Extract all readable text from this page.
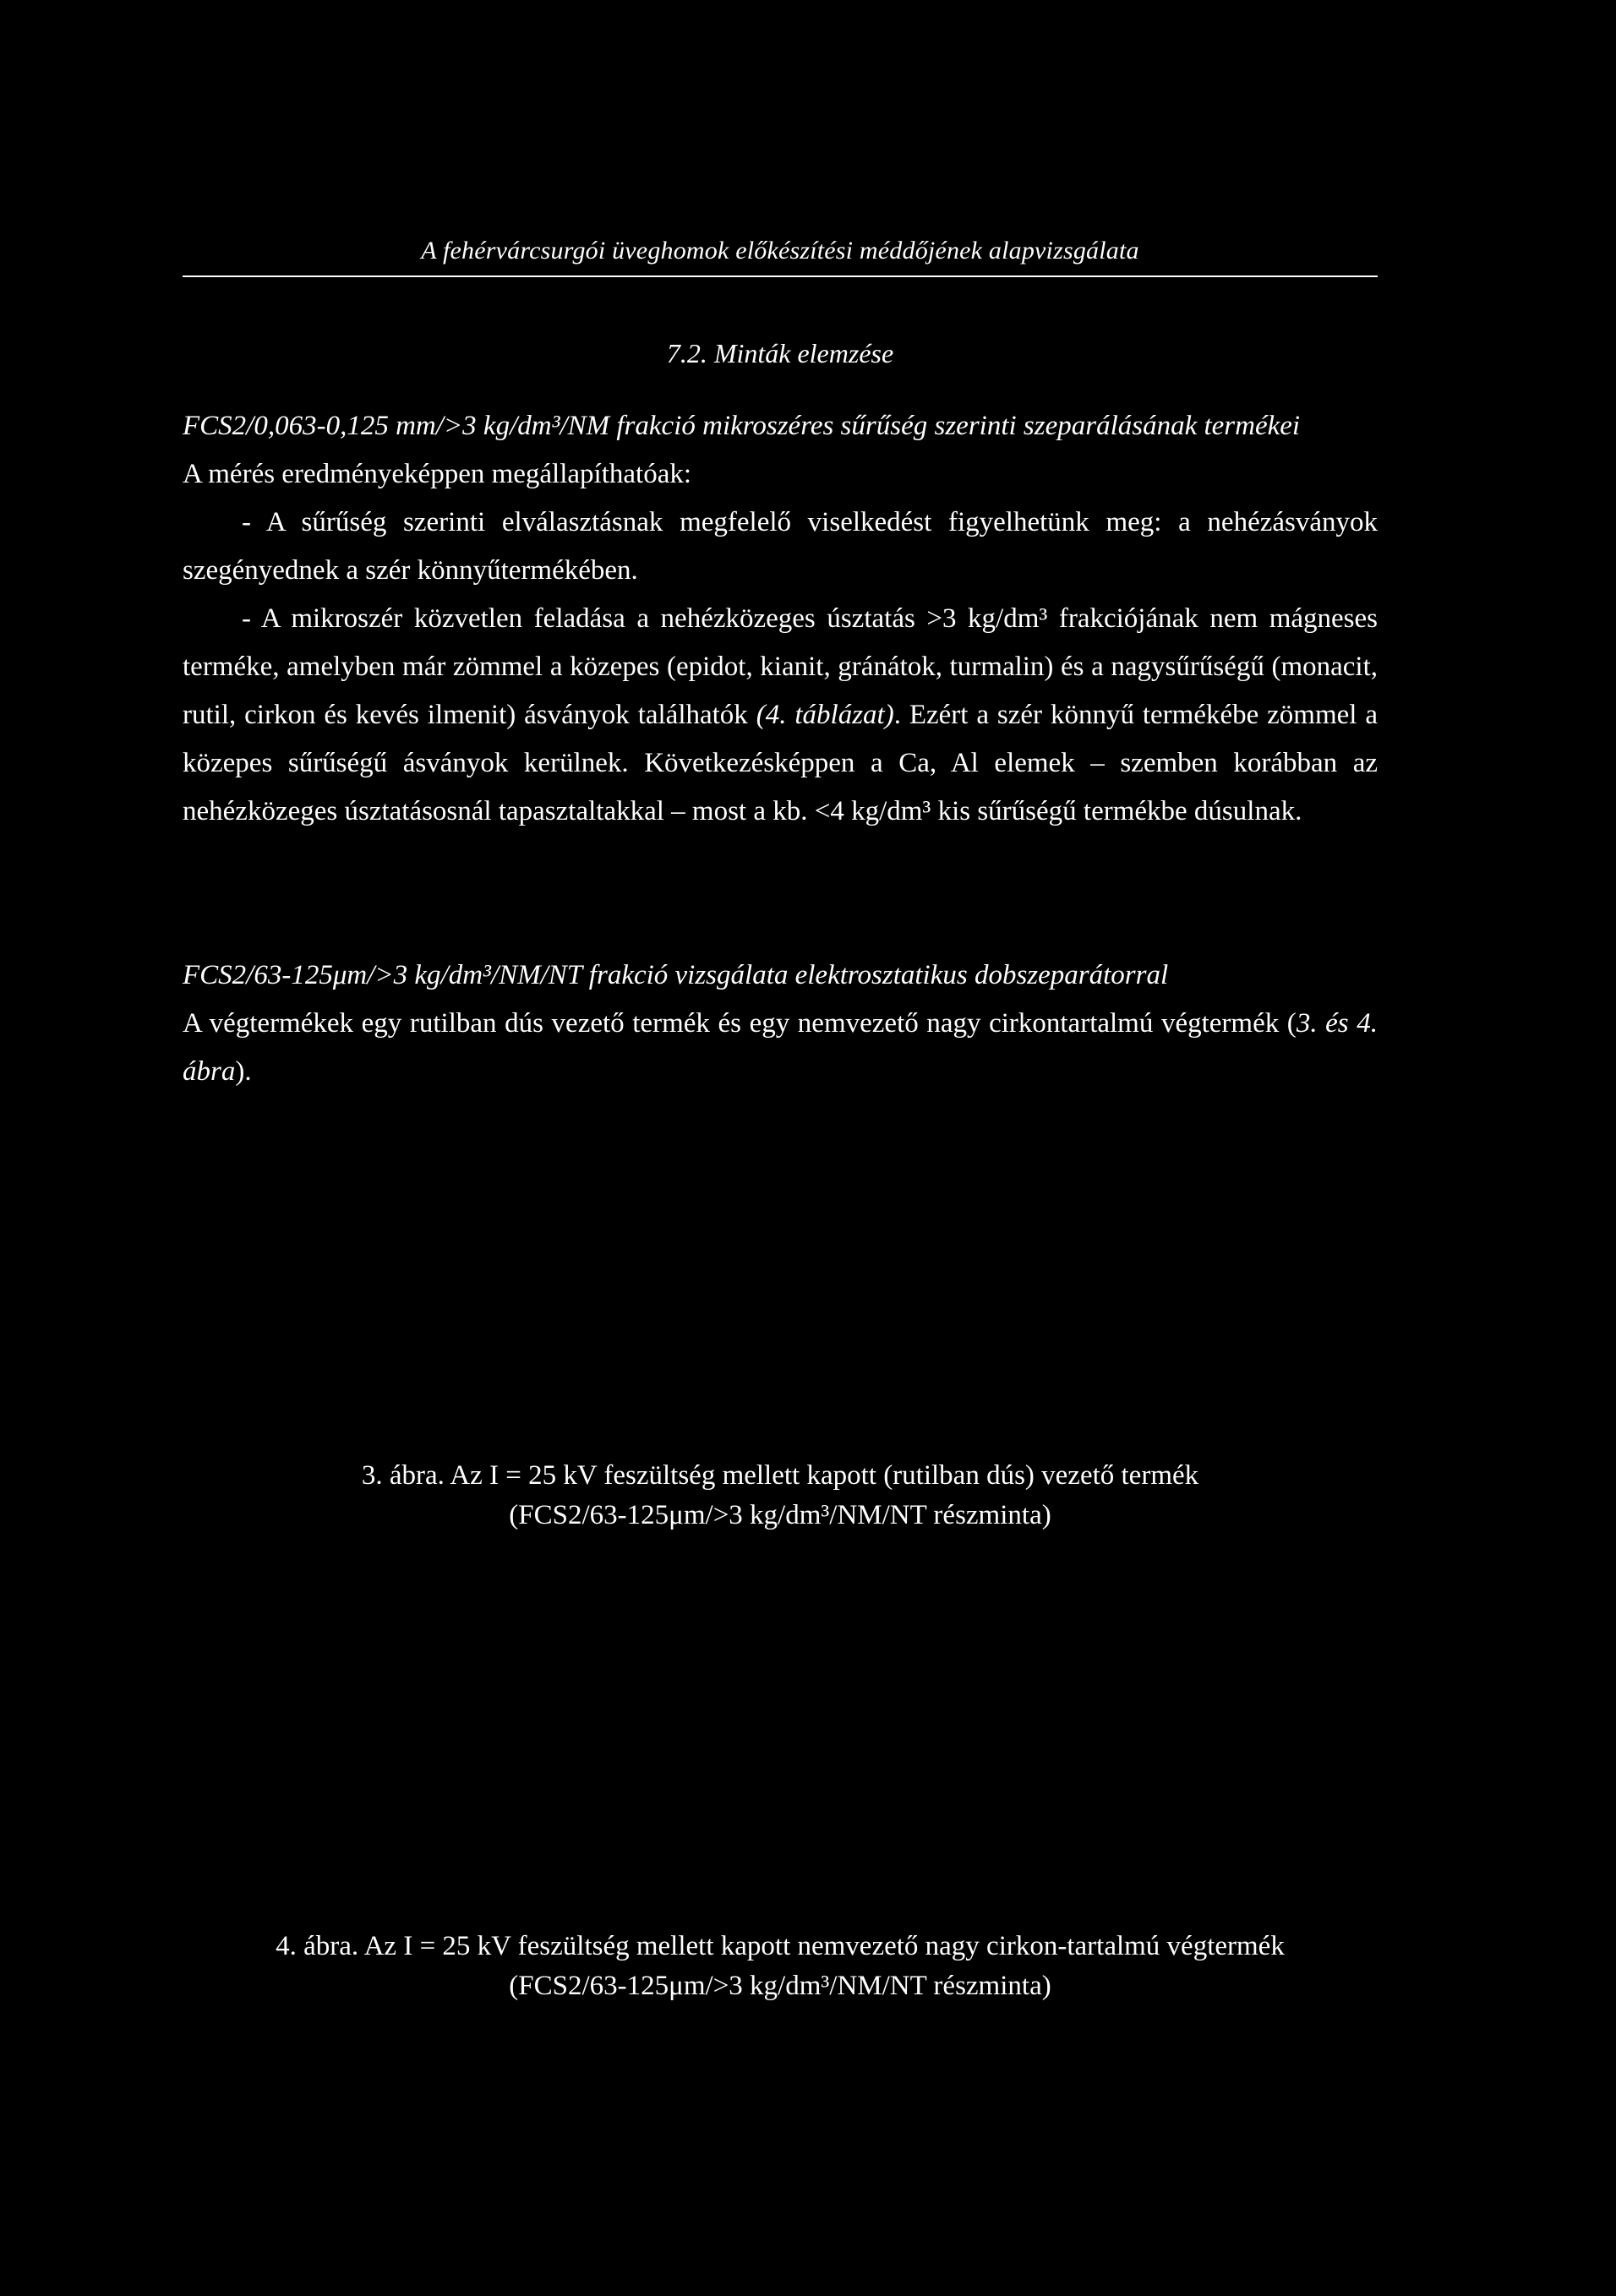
A fehérvárcsurgói üveghomok előkészítési méddőjének alapvizsgálata
7.2. Minták elemzése

FCS2/0,063-0,125 mm/>3 kg/dm³/NM frakció mikroszéres sűrűség szerinti szeparálásának termékei

A mérés eredményeképpen megállapíthatóak:

- A sűrűség szerinti elválasztásnak megfelelő viselkedést figyelhetünk meg: a nehézásványok szegényednek a szér könnyűtermékében.

- A mikroszér közvetlen feladása a nehézközeges úsztatás >3 kg/dm³ frakciójának nem mágneses terméke, amelyben már zömmel a közepes (epidot, kianit, gránátok, turmalin) és a nagysűrűségű (monacit, rutil, cirkon és kevés ilmenit) ásványok találhatók (4. táblázat). Ezért a szér könnyű termékébe zömmel a közepes sűrűségű ásványok kerülnek. Következésképpen a Ca, Al elemek – szemben korábban az nehézközeges úsztatásosnál tapasztaltakkal – most a kb. <4 kg/dm³ kis sűrűségű termékbe dúsulnak.

FCS2/63-125μm/>3 kg/dm³/NM/NT frakció vizsgálata elektrosztatikus dobszeparátorral

A végtermékek egy rutilban dús vezető termék és egy nemvezető nagy cirkontartalmú végtermék (3. és 4. ábra).

3. ábra. Az I = 25 kV feszültség mellett kapott (rutilban dús) vezető termék

(FCS2/63-125μm/>3 kg/dm³/NM/NT részminta)

4. ábra. Az I = 25 kV feszültség mellett kapott nemvezető nagy cirkon-tartalmú végtermék

(FCS2/63-125μm/>3 kg/dm³/NM/NT részminta)
